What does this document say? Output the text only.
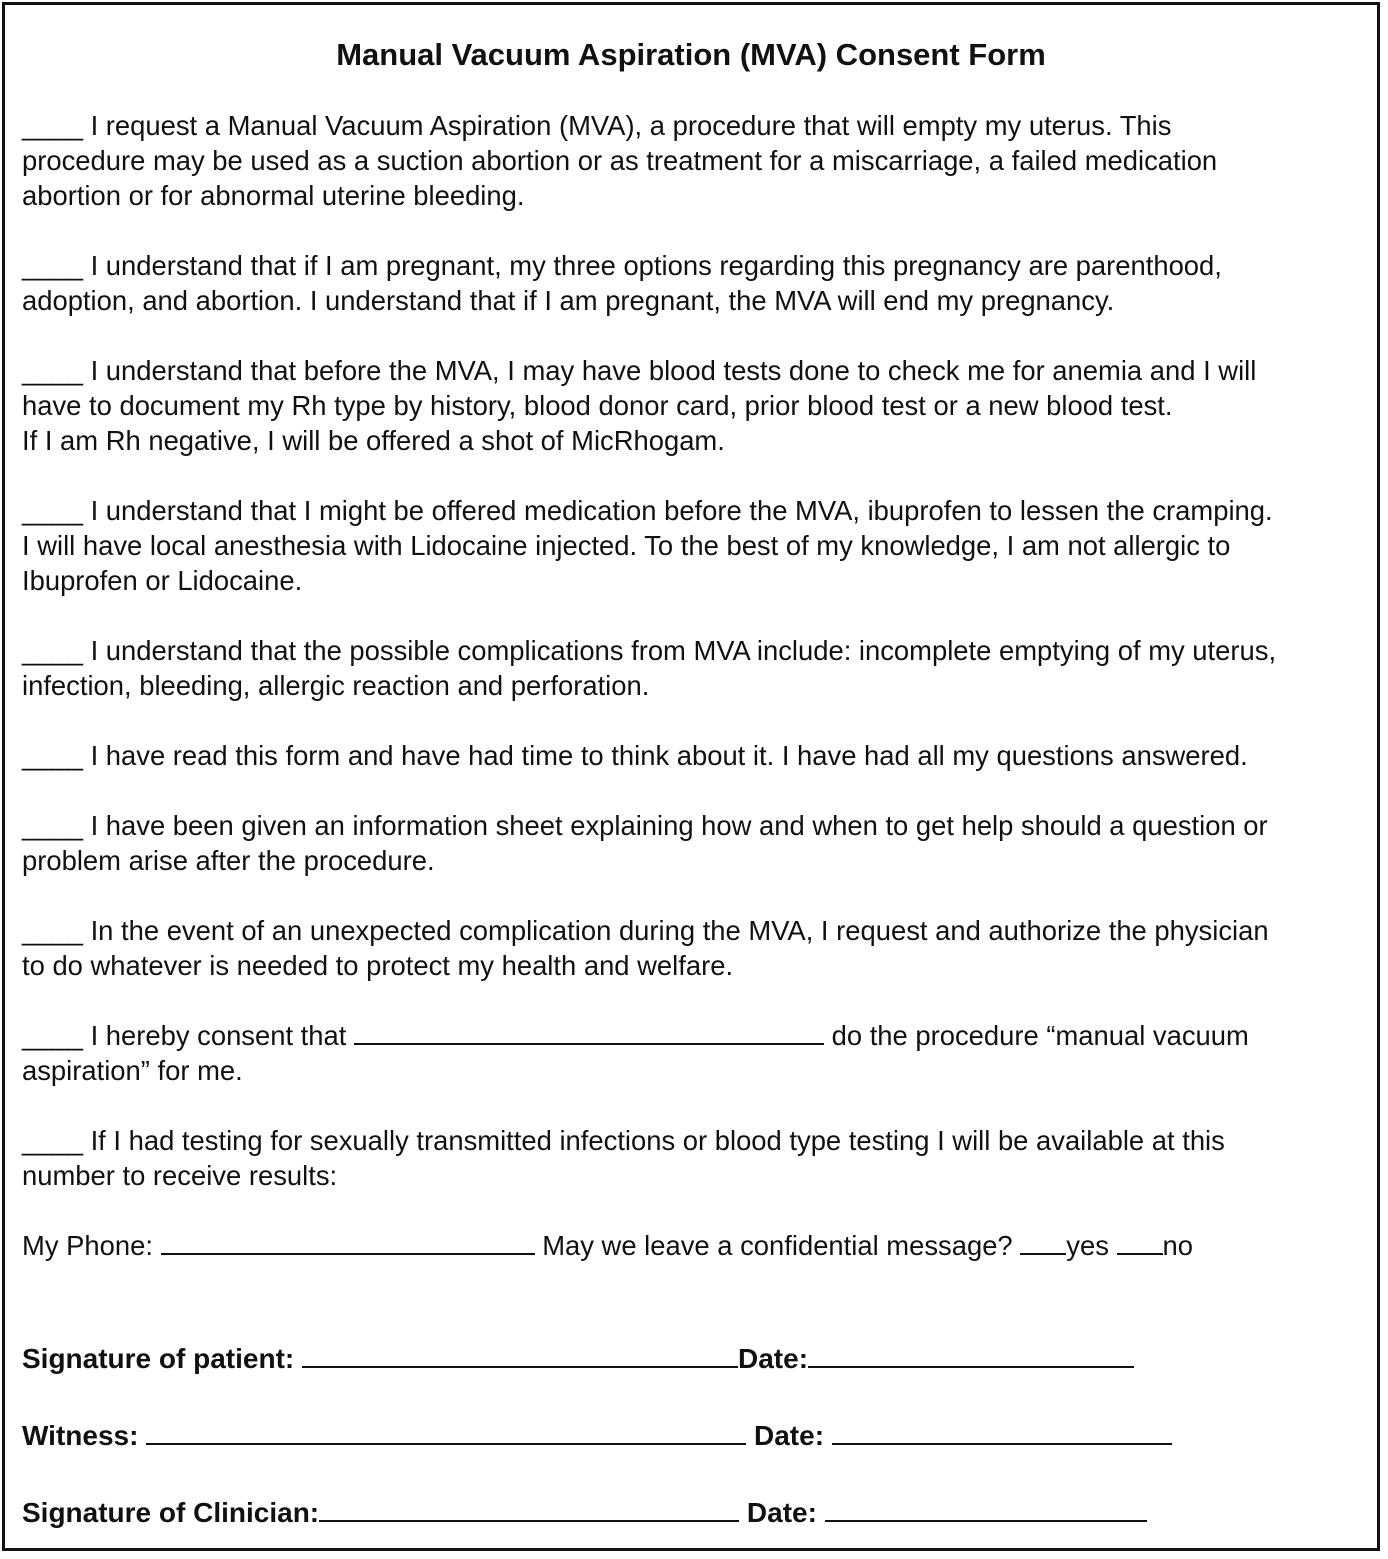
Manual Vacuum Aspiration (MVA) Consent Form
____ I request a Manual Vacuum Aspiration (MVA), a procedure that will empty my uterus. This
procedure may be used as a suction abortion or as treatment for a miscarriage, a failed medication
abortion or for abnormal uterine bleeding.
____ I understand that if I am pregnant, my three options regarding this pregnancy are parenthood,
adoption, and abortion. I understand that if I am pregnant, the MVA will end my pregnancy.
____ I understand that before the MVA, I may have blood tests done to check me for anemia and I will
have to document my Rh type by history, blood donor card, prior blood test or a new blood test.
If I am Rh negative, I will be offered a shot of MicRhogam.
____ I understand that I might be offered medication before the MVA, ibuprofen to lessen the cramping.
I will have local anesthesia with Lidocaine injected. To the best of my knowledge, I am not allergic to
Ibuprofen or Lidocaine.
____ I understand that the possible complications from MVA include: incomplete emptying of my uterus,
infection, bleeding, allergic reaction and perforation.
____ I have read this form and have had time to think about it. I have had all my questions answered.
____ I have been given an information sheet explaining how and when to get help should a question or
problem arise after the procedure.
____ In the event of an unexpected complication during the MVA, I request and authorize the physician
to do whatever is needed to protect my health and welfare.
____ I hereby consent that	do the procedure “manual vacuum
aspiration” for me.
____ If I had testing for sexually transmitted infections or blood type testing I will be available at this
number to receive results:
My Phone:	May we leave a confidential message? yes no
Signature of patient:	Date:
Witness:	Date:
Signature of Clinician:	Date:
